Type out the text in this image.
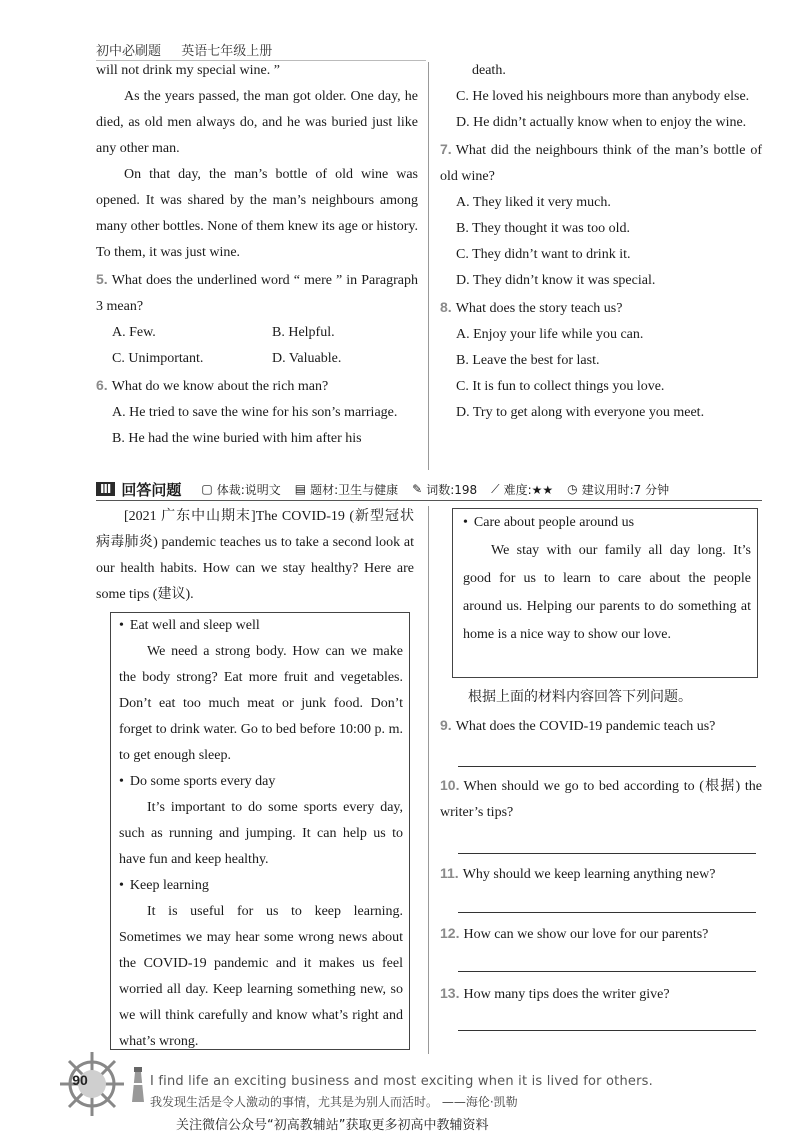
初中必刷题 英语七年级上册
will not drink my special wine. ”
As the years passed, the man got older. One day, he died, as old men always do, and he was buried just like any other man.
On that day, the man’s bottle of old wine was opened. It was shared by the man’s neighbours among many other bottles. None of them knew its age or history. To them, it was just wine.
5. What does the underlined word “ mere ” in Paragraph 3 mean?
A. Few.	B. Helpful.
C. Unimportant.	D. Valuable.
6. What do we know about the rich man?
A. He tried to save the wine for his son’s marriage.
B. He had the wine buried with him after his
death.
C. He loved his neighbours more than anybody else.
D. He didn’t actually know when to enjoy the wine.
7. What did the neighbours think of the man’s bottle of old wine?
A. They liked it very much.
B. They thought it was too old.
C. They didn’t want to drink it.
D. They didn’t know it was special.
8. What does the story teach us?
A. Enjoy your life while you can.
B. Leave the best for last.
C. It is fun to collect things you love.
D. Try to get along with everyone you meet.
Ⅲ 回答问题 ▢ 体裁:说明文 ▤ 题材:卫生与健康 ✎ 词数:198 ⟋ 难度:★★ ◷ 建议用时:7 分钟
[2021 广东中山期末]The COVID-19 (新型冠状病毒肺炎) pandemic teaches us to take a second look at our health habits. How can we stay healthy? Here are some tips (建议).
• Eat well and sleep well
We need a strong body. How can we make the body strong? Eat more fruit and vegetables. Don’t eat too much meat or junk food. Don’t forget to drink water. Go to bed before 10:00 p. m. to get enough sleep.
• Do some sports every day
It’s important to do some sports every day, such as running and jumping. It can help us to have fun and keep healthy.
• Keep learning
It is useful for us to keep learning. Sometimes we may hear some wrong news about the COVID-19 pandemic and it makes us feel worried all day. Keep learning something new, so we will think carefully and know what’s right and what’s wrong.
• Care about people around us
We stay with our family all day long. It’s good for us to learn to care about the people around us. Helping our parents to do something at home is a nice way to show our love.
根据上面的材料内容回答下列问题。
9. What does the COVID-19 pandemic teach us?
10. When should we go to bed according to (根据) the writer’s tips?
11. Why should we keep learning anything new?
12. How can we show our love for our parents?
13. How many tips does the writer give?
90	I find life an exciting business and most exciting when it is lived for others.
我发现生活是令人激动的事情，尤其是为别人而活时。 ——海伦·凯勒
关注微信公众号“初高教辅站”获取更多初高中教辅资料
